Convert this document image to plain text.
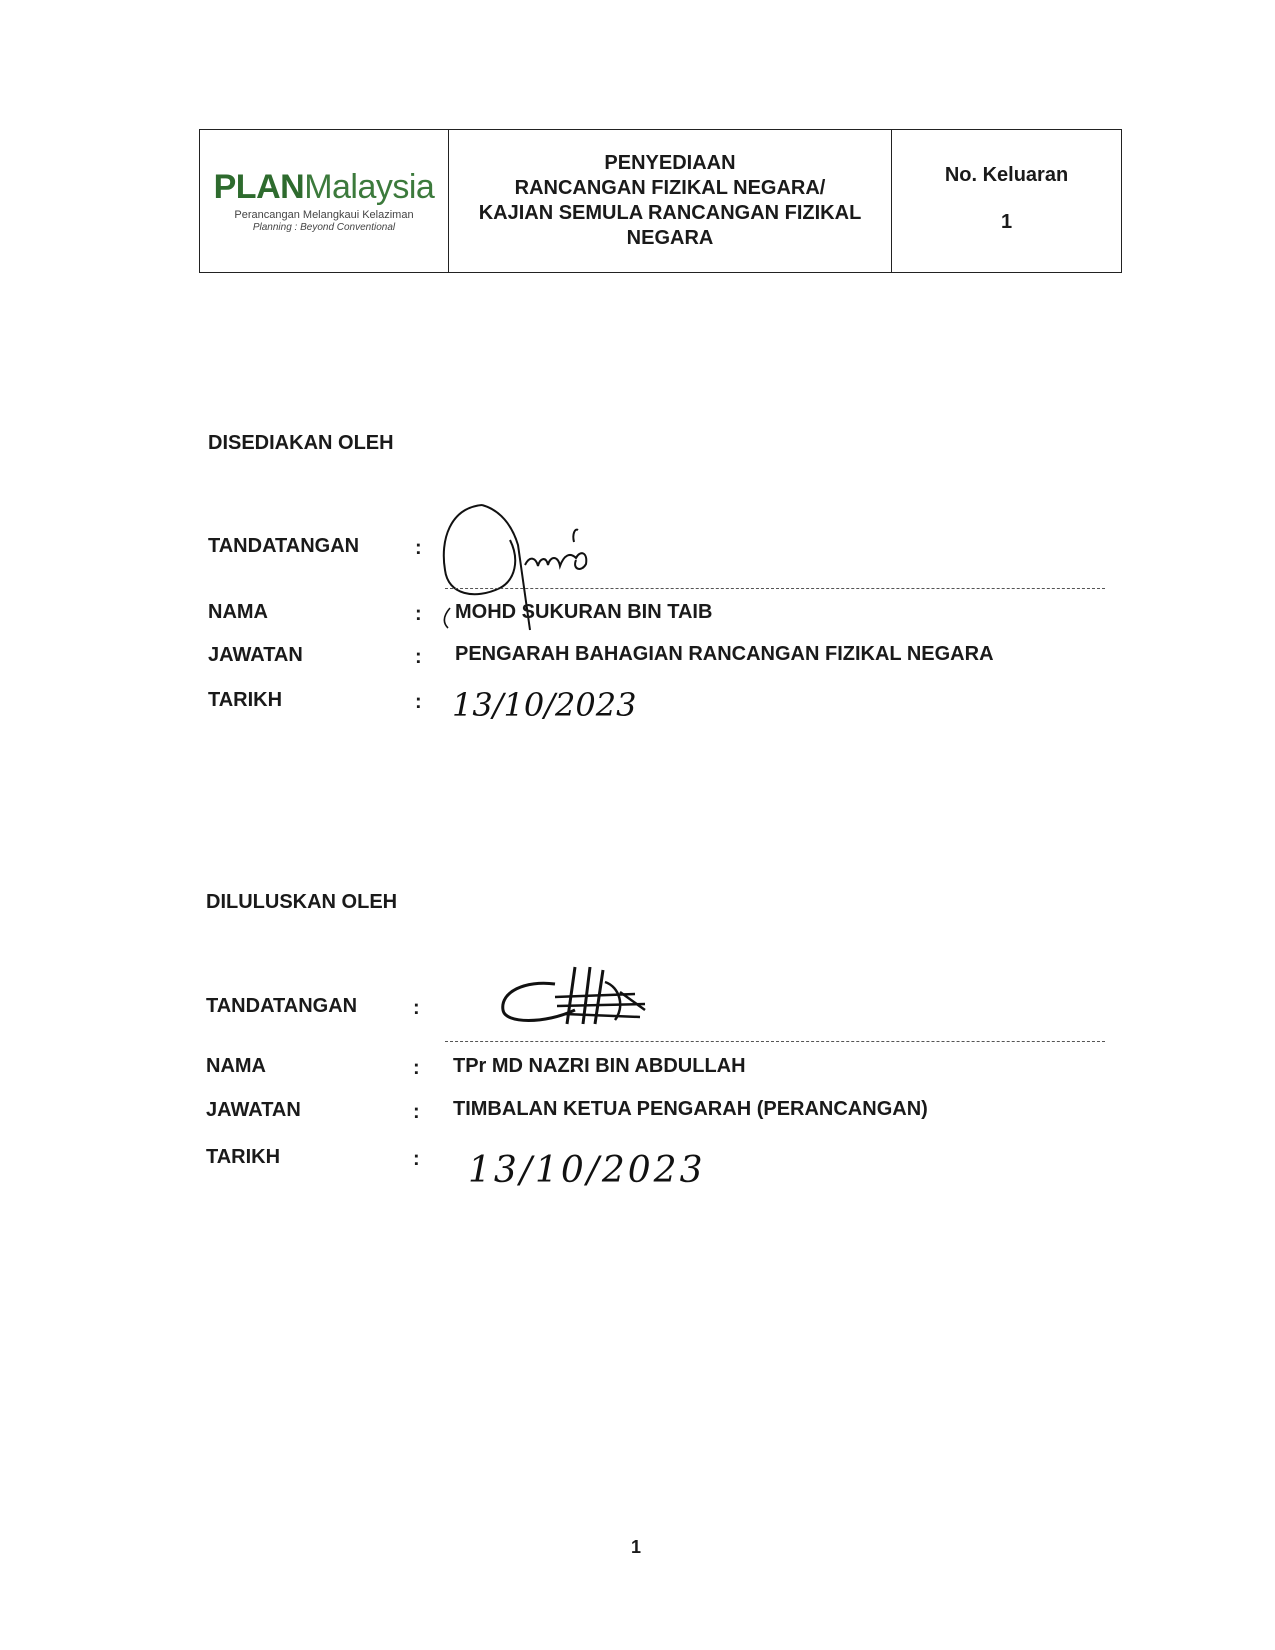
PLANMalaysia
Perancangan Melangkaui Kelaziman
Planning : Beyond Conventional
PENYEDIAAN
RANCANGAN FIZIKAL NEGARA/
KAJIAN SEMULA RANCANGAN FIZIKAL
NEGARA
No. Keluaran
1
DISEDIAKAN OLEH
TANDATANGAN	:
NAMA	: MOHD SUKURAN BIN TAIB
JAWATAN	: PENGARAH BAHAGIAN RANCANGAN FIZIKAL NEGARA
TARIKH	: 13/10/2023
DILULUSKAN OLEH
TANDATANGAN	:
NAMA	: TPr MD NAZRI BIN ABDULLAH
JAWATAN	: TIMBALAN KETUA PENGARAH (PERANCANGAN)
TARIKH	: 13/10/2023
1
